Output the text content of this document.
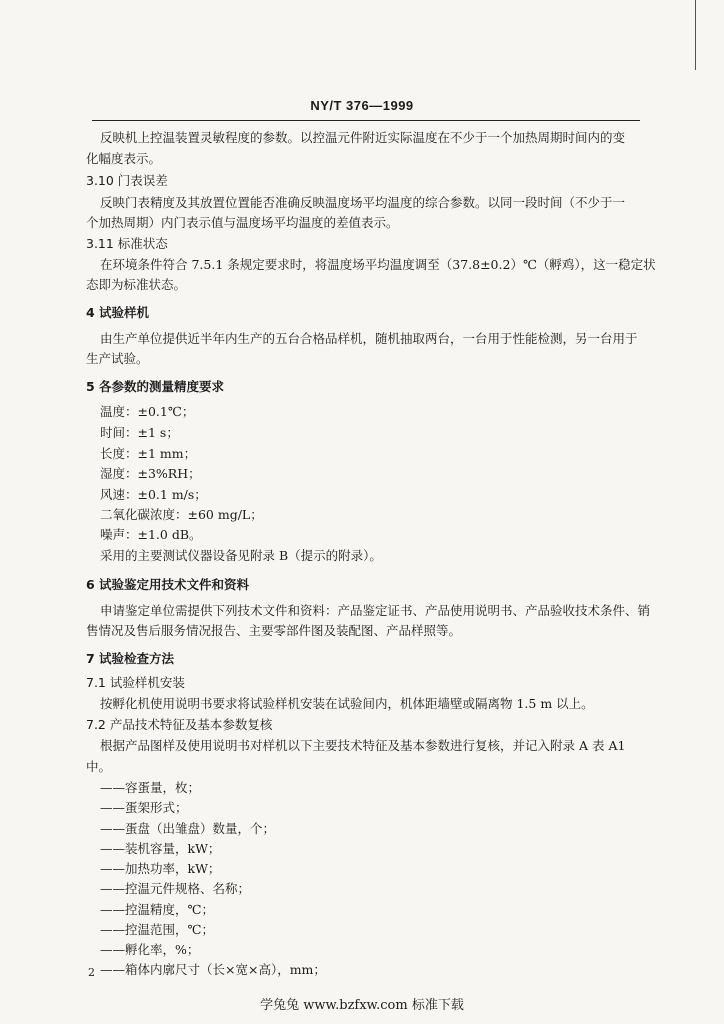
NY/T 376—1999
反映机上控温装置灵敏程度的参数。以控温元件附近实际温度在不少于一个加热周期时间内的变
化幅度表示。
3.10 门表误差
反映门表精度及其放置位置能否准确反映温度场平均温度的综合参数。以同一段时间（不少于一
个加热周期）内门表示值与温度场平均温度的差值表示。
3.11 标准状态
在环境条件符合 7.5.1 条规定要求时，将温度场平均温度调至（37.8±0.2）℃（孵鸡），这一稳定状
态即为标准状态。
4 试验样机
由生产单位提供近半年内生产的五台合格品样机，随机抽取两台，一台用于性能检测，另一台用于
生产试验。
5 各参数的测量精度要求
温度：±0.1℃；
时间：±1 s；
长度：±1 mm；
湿度：±3%RH；
风速：±0.1 m/s；
二氧化碳浓度：±60 mg/L；
噪声：±1.0 dB。
采用的主要测试仪器设备见附录 B（提示的附录）。
6 试验鉴定用技术文件和资料
申请鉴定单位需提供下列技术文件和资料：产品鉴定证书、产品使用说明书、产品验收技术条件、销
售情况及售后服务情况报告、主要零部件图及装配图、产品样照等。
7 试验检查方法
7.1 试验样机安装
按孵化机使用说明书要求将试验样机安装在试验间内，机体距墙壁或隔离物 1.5 m 以上。
7.2 产品技术特征及基本参数复核
根据产品图样及使用说明书对样机以下主要技术特征及基本参数进行复核，并记入附录 A 表 A1
中。
——容蛋量，枚；
——蛋架形式；
——蛋盘（出雏盘）数量，个；
——装机容量，kW；
——加热功率，kW；
——控温元件规格、名称；
——控温精度，℃；
——控温范围，℃；
——孵化率，%；
——箱体内廓尺寸（长×宽×高），mm；
2
学兔兔 www.bzfxw.com 标准下载
